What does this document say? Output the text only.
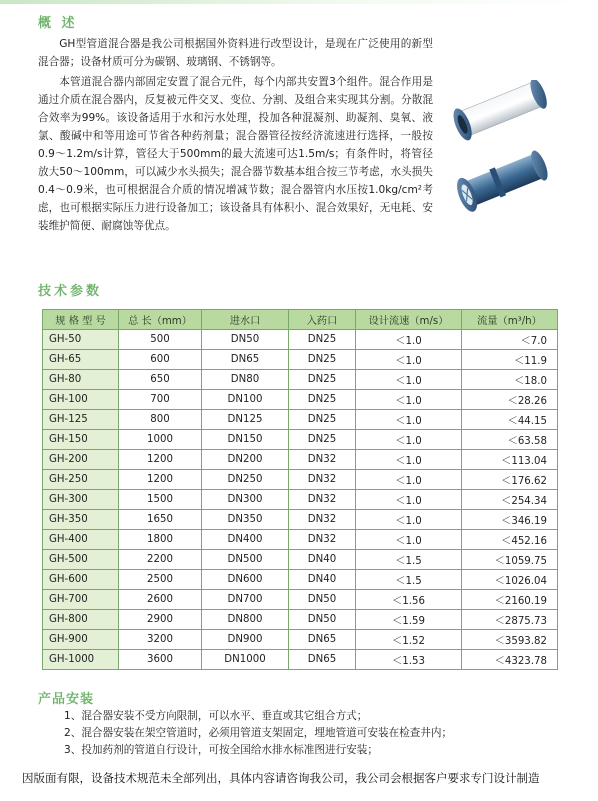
概 述

GH型管道混合器是我公司根据国外资料进行改型设计，是现在广泛使用的新型混合器；设备材质可分为碳钢、玻璃钢、不锈钢等。

本管道混合器内部固定安置了混合元件，每个内部共安置3个组件。混合作用是通过介质在混合器内，反复被元件交叉、变位、分割、及组合来实现其分割。分散混合效率为99%。该设备适用于水和污水处理，投加各种混凝剂、助凝剂、臭氧、液氯、酸碱中和等用途可节省各种药剂量；混合器管径按经济流速进行选择，一般按0.9～1.2m/s计算，管径大于500mm的最大流速可达1.5m/s；有条件时，将管径放大50～100mm，可以减少水头损失；混合器节数基本组合按三节考虑，水头损失0.4～0.9米，也可根据混合介质的情况增减节数；混合器管内水压按1.0kg/cm²考虑，也可根据实际压力进行设备加工；该设备具有体积小、混合效果好，无电耗、安装维护简便、耐腐蚀等优点。

技术参数
规 格 型 号	总 长（mm）	进水口	入药口	设计流速（m/s）	流量（m³/h）
GH-50	500	DN50	DN25	＜1.0	＜7.0
GH-65	600	DN65	DN25	＜1.0	＜11.9
GH-80	650	DN80	DN25	＜1.0	＜18.0
GH-100	700	DN100	DN25	＜1.0	＜28.26
GH-125	800	DN125	DN25	＜1.0	＜44.15
GH-150	1000	DN150	DN25	＜1.0	＜63.58
GH-200	1200	DN200	DN32	＜1.0	＜113.04
GH-250	1200	DN250	DN32	＜1.0	＜176.62
GH-300	1500	DN300	DN32	＜1.0	＜254.34
GH-350	1650	DN350	DN32	＜1.0	＜346.19
GH-400	1800	DN400	DN32	＜1.0	＜452.16
GH-500	2200	DN500	DN40	＜1.5	＜1059.75
GH-600	2500	DN600	DN40	＜1.5	＜1026.04
GH-700	2600	DN700	DN50	＜1.56	＜2160.19
GH-800	2900	DN800	DN50	＜1.59	＜2875.73
GH-900	3200	DN900	DN65	＜1.52	＜3593.82
GH-1000	3600	DN1000	DN65	＜1.53	＜4323.78
产品安装
1、混合器安装不受方向限制，可以水平、垂直或其它组合方式；
2、混合器安装在架空管道时，必须用管道支架固定，埋地管道可安装在检查井内；
3、投加药剂的管道自行设计，可按全国给水排水标准图进行安装；
因版面有限，设备技术规范未全部列出，具体内容请咨询我公司，我公司会根据客户要求专门设计制造
